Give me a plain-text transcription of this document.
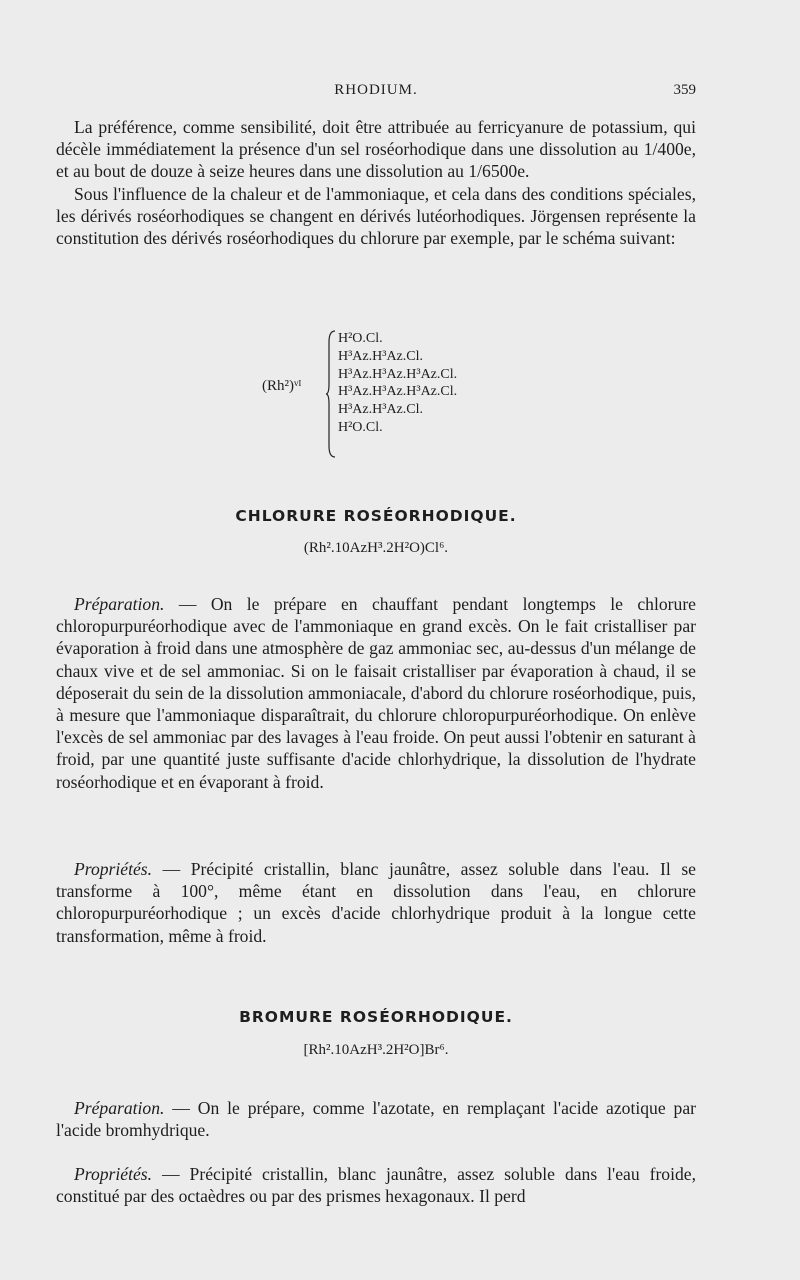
RHODIUM.	359

La préférence, comme sensibilité, doit être attribuée au ferricyanure de potassium, qui décèle immédiatement la présence d'un sel roséorhodique dans une dissolution au 1/400e, et au bout de douze à seize heures dans une dissolution au 1/6500e.

Sous l'influence de la chaleur et de l'ammoniaque, et cela dans des conditions spéciales, les dérivés roséorhodiques se changent en dérivés lutéorhodiques. Jörgensen représente la constitution des dérivés roséorhodiques du chlorure par exemple, par le schéma suivant:

(Rh²)ᵛᴵ
H²O.Cl.
H³Az.H³Az.Cl.
H³Az.H³Az.H³Az.Cl.
H³Az.H³Az.H³Az.Cl.
H³Az.H³Az.Cl.
H²O.Cl.
CHLORURE ROSÉORHODIQUE.
(Rh².10AzH³.2H²O)Cl⁶.

Préparation. — On le prépare en chauffant pendant longtemps le chlorure chloropurpuréorhodique avec de l'ammoniaque en grand excès. On le fait cristalliser par évaporation à froid dans une atmosphère de gaz ammoniac sec, au-dessus d'un mélange de chaux vive et de sel ammoniac. Si on le faisait cristalliser par évaporation à chaud, il se déposerait du sein de la dissolution ammoniacale, d'abord du chlorure roséorhodique, puis, à mesure que l'ammoniaque disparaîtrait, du chlorure chloropurpuréorhodique. On enlève l'excès de sel ammoniac par des lavages à l'eau froide. On peut aussi l'obtenir en saturant à froid, par une quantité juste suffisante d'acide chlorhydrique, la dissolution de l'hydrate roséorhodique et en évaporant à froid.

Propriétés. — Précipité cristallin, blanc jaunâtre, assez soluble dans l'eau. Il se transforme à 100°, même étant en dissolution dans l'eau, en chlorure chloropurpuréorhodique ; un excès d'acide chlorhydrique produit à la longue cette transformation, même à froid.

BROMURE ROSÉORHODIQUE.
[Rh².10AzH³.2H²O]Br⁶.

Préparation. — On le prépare, comme l'azotate, en remplaçant l'acide azotique par l'acide bromhydrique.

Propriétés. — Précipité cristallin, blanc jaunâtre, assez soluble dans l'eau froide, constitué par des octaèdres ou par des prismes hexagonaux. Il perd
